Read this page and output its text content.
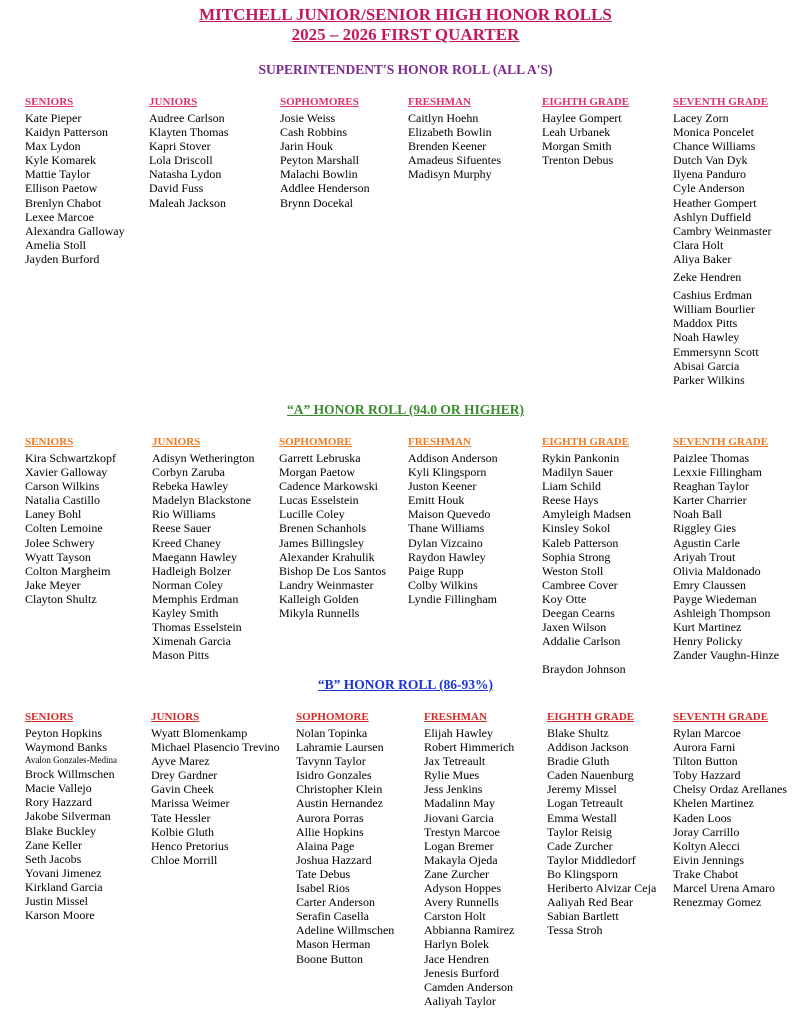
MITCHELL JUNIOR/SENIOR HIGH HONOR ROLLS
2025 – 2026 FIRST QUARTER
SUPERINTENDENT'S HONOR ROLL (ALL A'S)
“A” HONOR ROLL (94.0 OR HIGHER)
“B” HONOR ROLL (86-93%)
SENIORS
Kate Pieper
Kaidyn Patterson
Max Lydon
Kyle Komarek
Mattie Taylor
Ellison Paetow
Brenlyn Chabot
Lexee Marcoe
Alexandra Galloway
Amelia Stoll
Jayden Burford
JUNIORS
Audree Carlson
Klayten Thomas
Kapri Stover
Lola Driscoll
Natasha Lydon
David Fuss
Maleah Jackson
SOPHOMORES
Josie Weiss
Cash Robbins
Jarin Houk
Peyton Marshall
Malachi Bowlin
Addlee Henderson
Brynn Docekal
FRESHMAN
Caitlyn Hoehn
Elizabeth Bowlin
Brenden Keener
Amadeus Sifuentes
Madisyn Murphy
EIGHTH GRADE
Haylee Gompert
Leah Urbanek
Morgan Smith
Trenton Debus
SEVENTH GRADE
Lacey Zorn
Monica Poncelet
Chance Williams
Dutch Van Dyk
Ilyena Panduro
Cyle Anderson
Heather Gompert
Ashlyn Duffield
Cambry Weinmaster
Clara Holt
Aliya Baker
Zeke Hendren
Cashius Erdman
William Bourlier
Maddox Pitts
Noah Hawley
Emmersynn Scott
Abisai Garcia
Parker Wilkins
SENIORS
Kira Schwartzkopf
Xavier Galloway
Carson Wilkins
Natalia Castillo
Laney Bohl
Colten Lemoine
Jolee Schwery
Wyatt Tayson
Colton Margheim
Jake Meyer
Clayton Shultz
JUNIORS
Adisyn Wetherington
Corbyn Zaruba
Rebeka Hawley
Madelyn Blackstone
Rio Williams
Reese Sauer
Kreed Chaney
Maegann Hawley
Hadleigh Bolzer
Norman Coley
Memphis Erdman
Kayley Smith
Thomas Esselstein
Ximenah Garcia
Mason Pitts
SOPHOMORE
Garrett Lebruska
Morgan Paetow
Cadence Markowski
Lucas Esselstein
Lucille Coley
Brenen Schanhols
James Billingsley
Alexander Krahulik
Bishop De Los Santos
Landry Weinmaster
Kalleigh Golden
Mikyla Runnells
FRESHMAN
Addison Anderson
Kyli Klingsporn
Juston Keener
Emitt Houk
Maison Quevedo
Thane Williams
Dylan Vizcaino
Raydon Hawley
Paige Rupp
Colby Wilkins
Lyndie Fillingham
EIGHTH GRADE
Rykin Pankonin
Madilyn Sauer
Liam Schild
Reese Hays
Amyleigh Madsen
Kinsley Sokol
Kaleb Patterson
Sophia Strong
Weston Stoll
Cambree Cover
Koy Otte
Deegan Cearns
Jaxen Wilson
Addalie Carlson
Braydon Johnson
SEVENTH GRADE
Paizlee Thomas
Lexxie Fillingham
Reaghan Taylor
Karter Charrier
Noah Ball
Riggley Gies
Agustin Carle
Ariyah Trout
Olivia Maldonado
Emry Claussen
Payge Wiedeman
Ashleigh Thompson
Kurt Martinez
Henry Policky
Zander Vaughn-Hinze
SENIORS
Peyton Hopkins
Waymond Banks
Avalon Gonzales-Medina
Brock Willmschen
Macie Vallejo
Rory Hazzard
Jakobe Silverman
Blake Buckley
Zane Keller
Seth Jacobs
Yovani Jimenez
Kirkland Garcia
Justin Missel
Karson Moore
JUNIORS
Wyatt Blomenkamp
Michael Plasencio Trevino
Ayve Marez
Drey Gardner
Gavin Cheek
Marissa Weimer
Tate Hessler
Kolbie Gluth
Henco Pretorius
Chloe Morrill
SOPHOMORE
Nolan Topinka
Lahramie Laursen
Tavynn Taylor
Isidro Gonzales
Christopher Klein
Austin Hernandez
Aurora Porras
Allie Hopkins
Alaina Page
Joshua Hazzard
Tate Debus
Isabel Rios
Carter Anderson
Serafin Casella
Adeline Willmschen
Mason Herman
Boone Button
FRESHMAN
Elijah Hawley
Robert Himmerich
Jax Tetreault
Rylie Mues
Jess Jenkins
Madalinn May
Jiovani Garcia
Trestyn Marcoe
Logan Bremer
Makayla Ojeda
Zane Zurcher
Adyson Hoppes
Avery Runnells
Carston Holt
Abbianna Ramirez
Harlyn Bolek
Jace Hendren
Jenesis Burford
Camden Anderson
Aaliyah Taylor
EIGHTH GRADE
Blake Shultz
Addison Jackson
Bradie Gluth
Caden Nauenburg
Jeremy Missel
Logan Tetreault
Emma Westall
Taylor Reisig
Cade Zurcher
Taylor Middledorf
Bo Klingsporn
Heriberto Alvizar Ceja
Aaliyah Red Bear
Sabian Bartlett
Tessa Stroh
SEVENTH GRADE
Rylan Marcoe
Aurora Farni
Tilton Button
Toby Hazzard
Chelsy Ordaz Arellanes
Khelen Martinez
Kaden Loos
Joray Carrillo
Koltyn Alecci
Eivin Jennings
Trake Chabot
Marcel Urena Amaro
Renezmay Gomez
